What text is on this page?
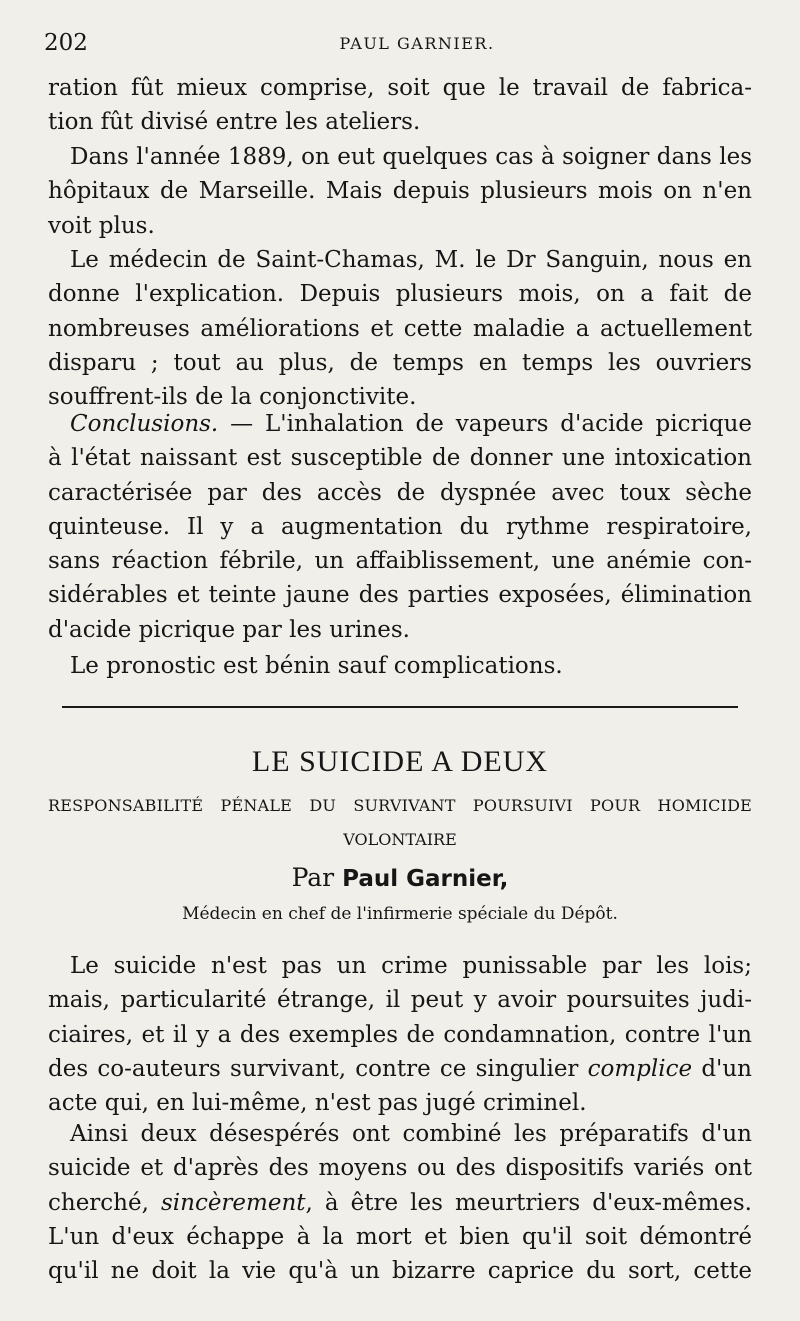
202	PAUL GARNIER.

ration fût mieux comprise, soit que le travail de fabrica-

tion fût divisé entre les ateliers.

Dans l'année 1889, on eut quelques cas à soigner dans les

hôpitaux de Marseille. Mais depuis plusieurs mois on n'en

voit plus.

Le médecin de Saint-Chamas, M. le Dr Sanguin, nous en

donne l'explication. Depuis plusieurs mois, on a fait de

nombreuses améliorations et cette maladie a actuellement

disparu ; tout au plus, de temps en temps les ouvriers

souffrent-ils de la conjonctivite.

Conclusions. — L'inhalation de vapeurs d'acide picrique

à l'état naissant est susceptible de donner une intoxication

caractérisée par des accès de dyspnée avec toux sèche

quinteuse. Il y a augmentation du rythme respiratoire,

sans réaction fébrile, un affaiblissement, une anémie con-

sidérables et teinte jaune des parties exposées, élimination

d'acide picrique par les urines.

Le pronostic est bénin sauf complications.

LE SUICIDE A DEUX
RESPONSABILITÉ PÉNALE DU SURVIVANT POURSUIVI POUR HOMICIDE
VOLONTAIRE
Par Paul Garnier,
Médecin en chef de l'infirmerie spéciale du Dépôt.

Le suicide n'est pas un crime punissable par les lois;

mais, particularité étrange, il peut y avoir poursuites judi-

ciaires, et il y a des exemples de condamnation, contre l'un

des co-auteurs survivant, contre ce singulier complice d'un

acte qui, en lui-même, n'est pas jugé criminel.

Ainsi deux désespérés ont combiné les préparatifs d'un

suicide et d'après des moyens ou des dispositifs variés ont

cherché, sincèrement, à être les meurtriers d'eux-mêmes.

L'un d'eux échappe à la mort et bien qu'il soit démontré

qu'il ne doit la vie qu'à un bizarre caprice du sort, cette
